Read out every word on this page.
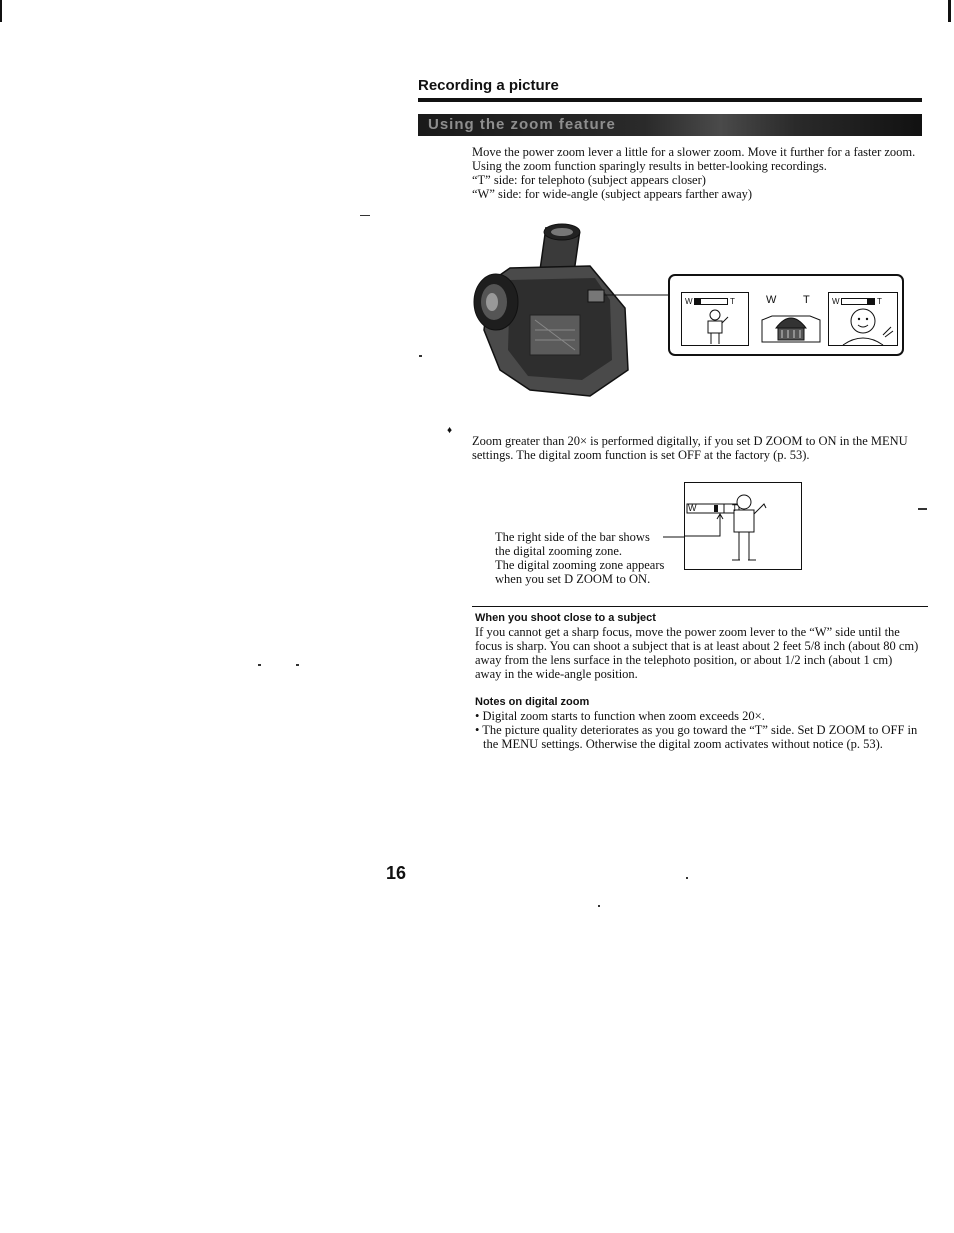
Recording a picture
Using the zoom feature
Move the power zoom lever a little for a slower zoom. Move it further for a faster zoom.
Using the zoom function sparingly results in better-looking recordings.
“T” side: for telephoto (subject appears closer)
“W” side: for wide-angle (subject appears farther away)
W	T	W T	W	T
♦
Zoom greater than 20× is performed digitally, if you set D ZOOM to ON in the MENU
settings. The digital zoom function is set OFF at the factory (p. 53).
W	T
The right side of the bar shows
the digital zooming zone.
The digital zooming zone appears
when you set D ZOOM to ON.
When you shoot close to a subject
If you cannot get a sharp focus, move the power zoom lever to the “W” side until the
focus is sharp. You can shoot a subject that is at least about 2 feet 5/8 inch (about 80 cm)
away from the lens surface in the telephoto position, or about 1/2 inch (about 1 cm)
away in the wide-angle position.
Notes on digital zoom
• Digital zoom starts to function when zoom exceeds 20×.
• The picture quality deteriorates as you go toward the “T” side. Set D ZOOM to OFF in
the MENU settings. Otherwise the digital zoom activates without notice (p. 53).
16
